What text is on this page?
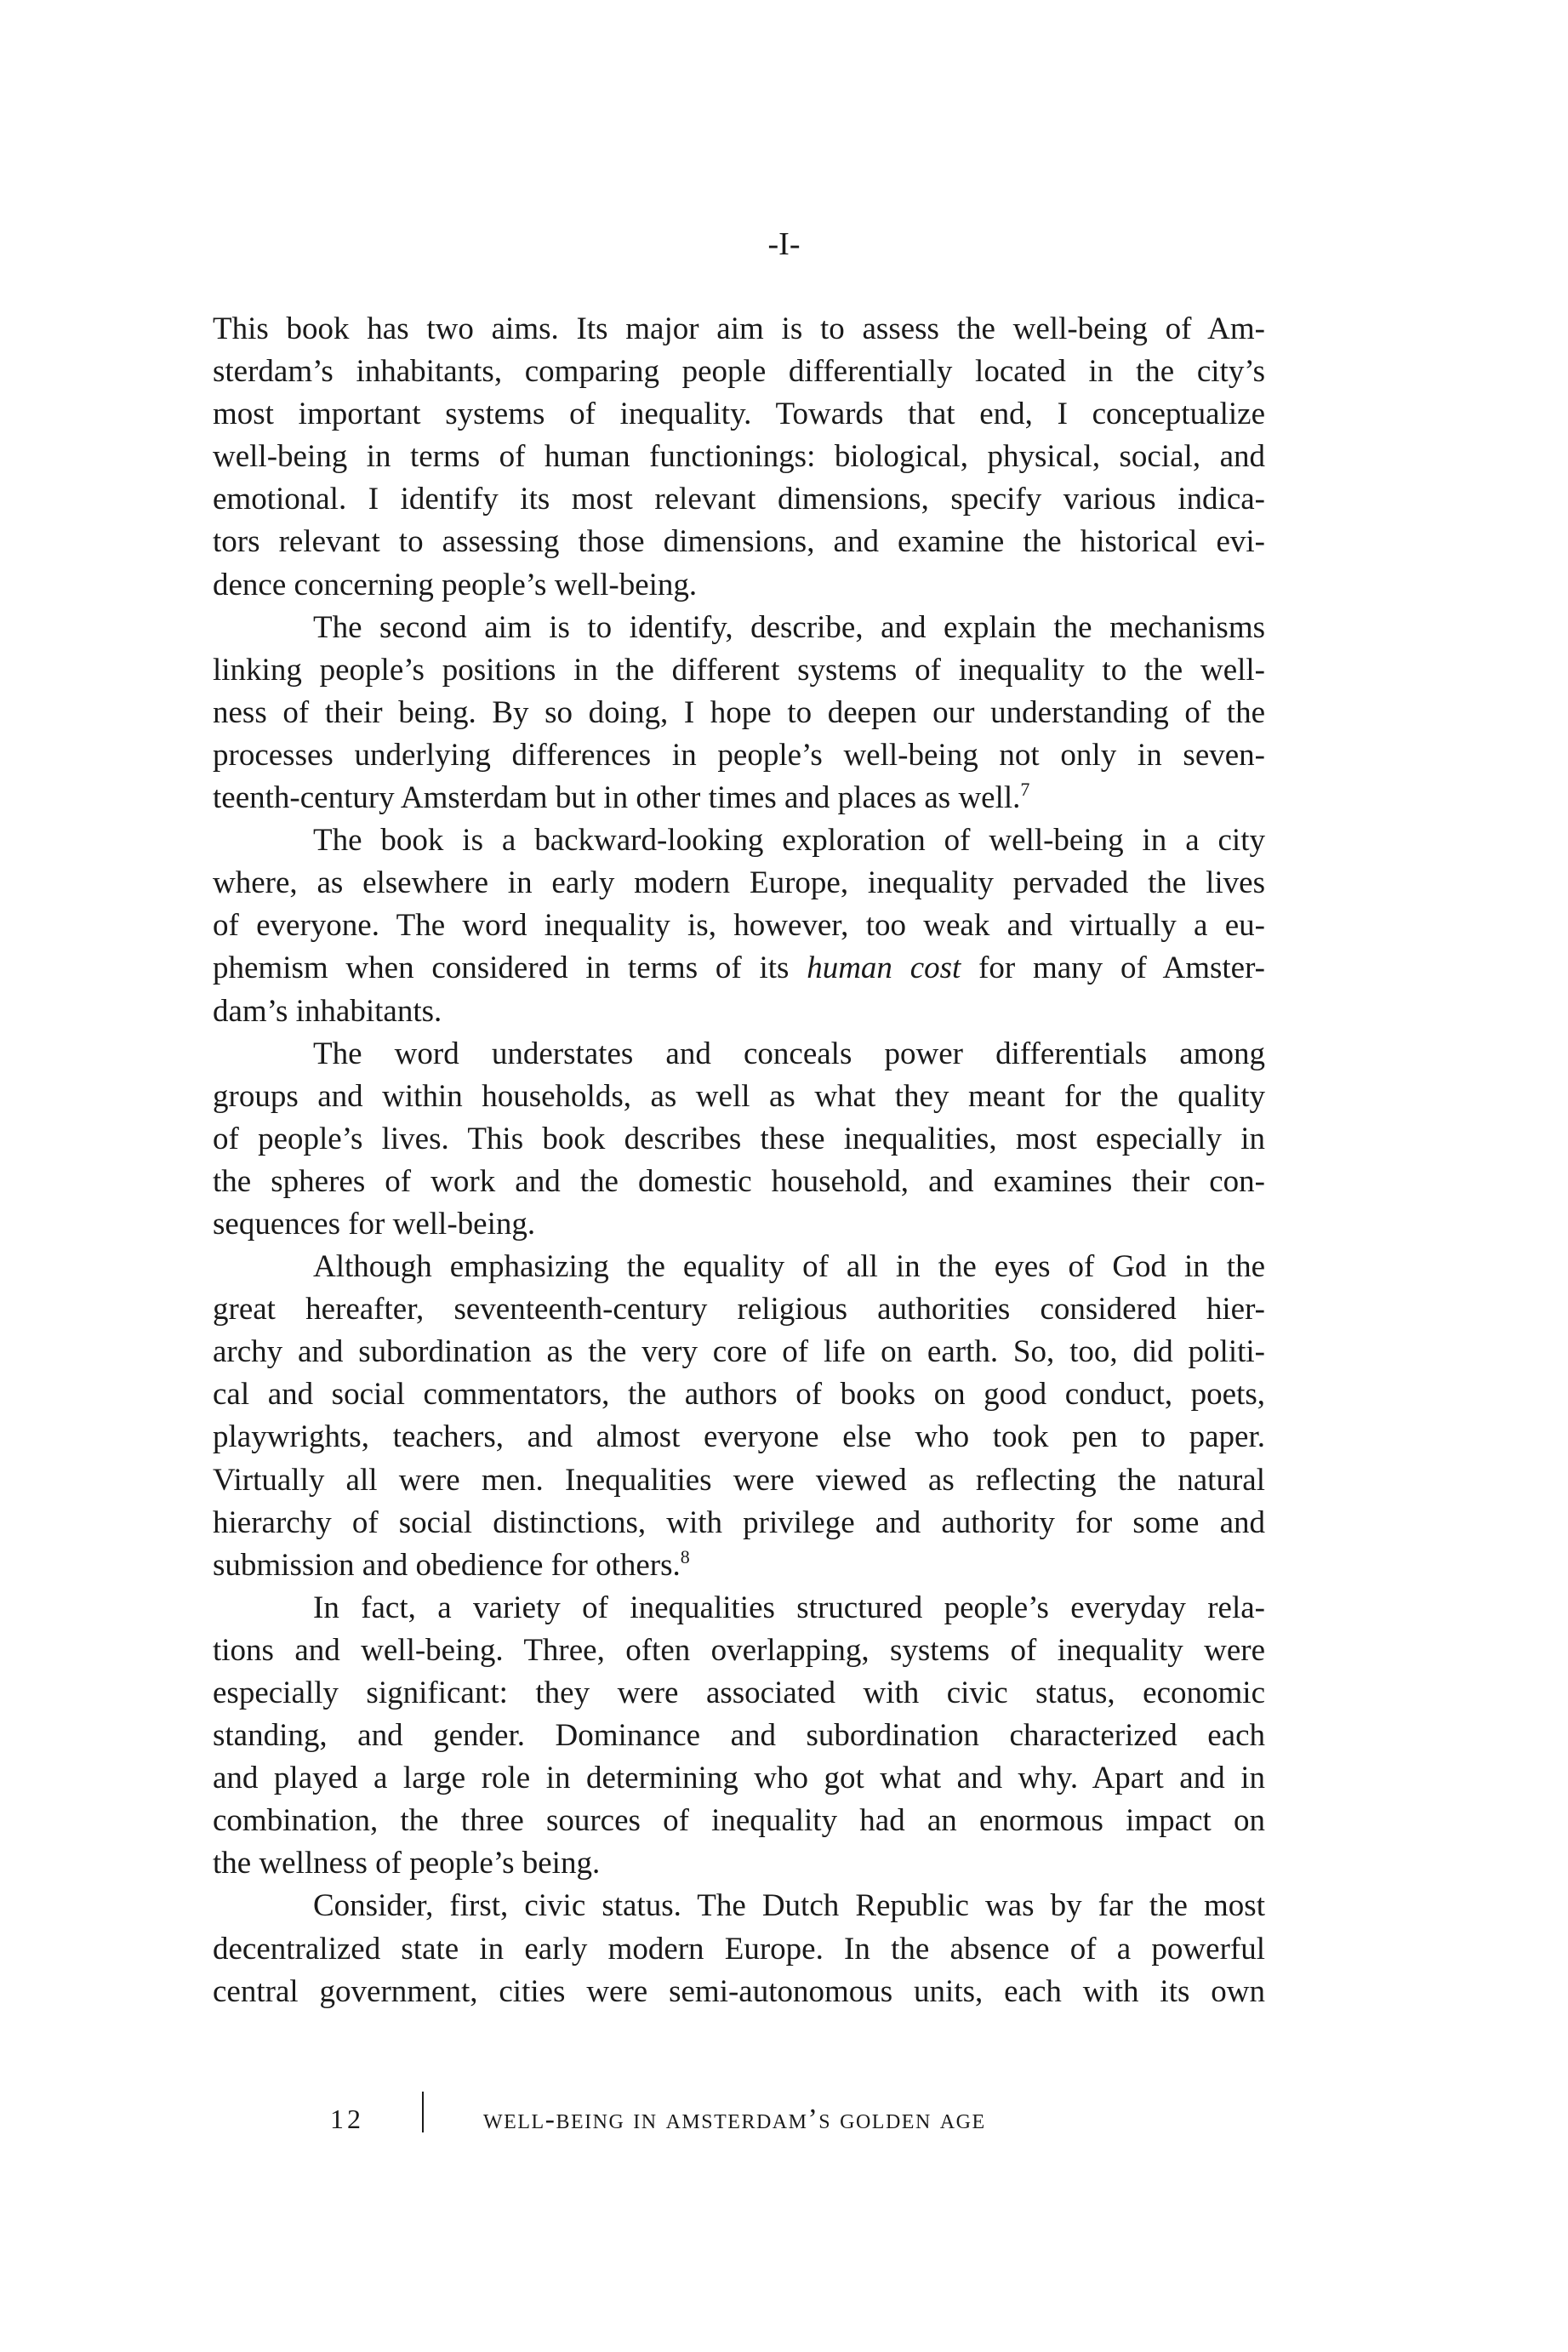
-I-
This book has two aims. Its major aim is to assess the well-being of Am-
sterdam’s inhabitants, comparing people differentially located in the city’s
most important systems of inequality. Towards that end, I conceptualize
well-being in terms of human functionings: biological, physical, social, and
emotional. I identify its most relevant dimensions, specify various indica-
tors relevant to assessing those dimensions, and examine the historical evi-
dence concerning people’s well-being.
The second aim is to identify, describe, and explain the mechanisms
linking people’s positions in the different systems of inequality to the well-
ness of their being. By so doing, I hope to deepen our understanding of the
processes underlying differences in people’s well-being not only in seven-
teenth-century Amsterdam but in other times and places as well.$^7$
The book is a backward-looking exploration of well-being in a city
where, as elsewhere in early modern Europe, inequality pervaded the lives
of everyone. The word inequality is, however, too weak and virtually a eu-
phemism when considered in terms of its human cost for many of Amster-
dam’s inhabitants.
The word understates and conceals power differentials among
groups and within households, as well as what they meant for the quality
of people’s lives. This book describes these inequalities, most especially in
the spheres of work and the domestic household, and examines their con-
sequences for well-being.
Although emphasizing the equality of all in the eyes of God in the
great hereafter, seventeenth-century religious authorities considered hier-
archy and subordination as the very core of life on earth. So, too, did politi-
cal and social commentators, the authors of books on good conduct, poets,
playwrights, teachers, and almost everyone else who took pen to paper.
Virtually all were men. Inequalities were viewed as reflecting the natural
hierarchy of social distinctions, with privilege and authority for some and
submission and obedience for others.$^8$
In fact, a variety of inequalities structured people’s everyday rela-
tions and well-being. Three, often overlapping, systems of inequality were
especially significant: they were associated with civic status, economic
standing, and gender. Dominance and subordination characterized each
and played a large role in determining who got what and why. Apart and in
combination, the three sources of inequality had an enormous impact on
the wellness of people’s being.
Consider, first, civic status. The Dutch Republic was by far the most
decentralized state in early modern Europe. In the absence of a powerful
central government, cities were semi-autonomous units, each with its own
12	well-being in amsterdam’s golden age
